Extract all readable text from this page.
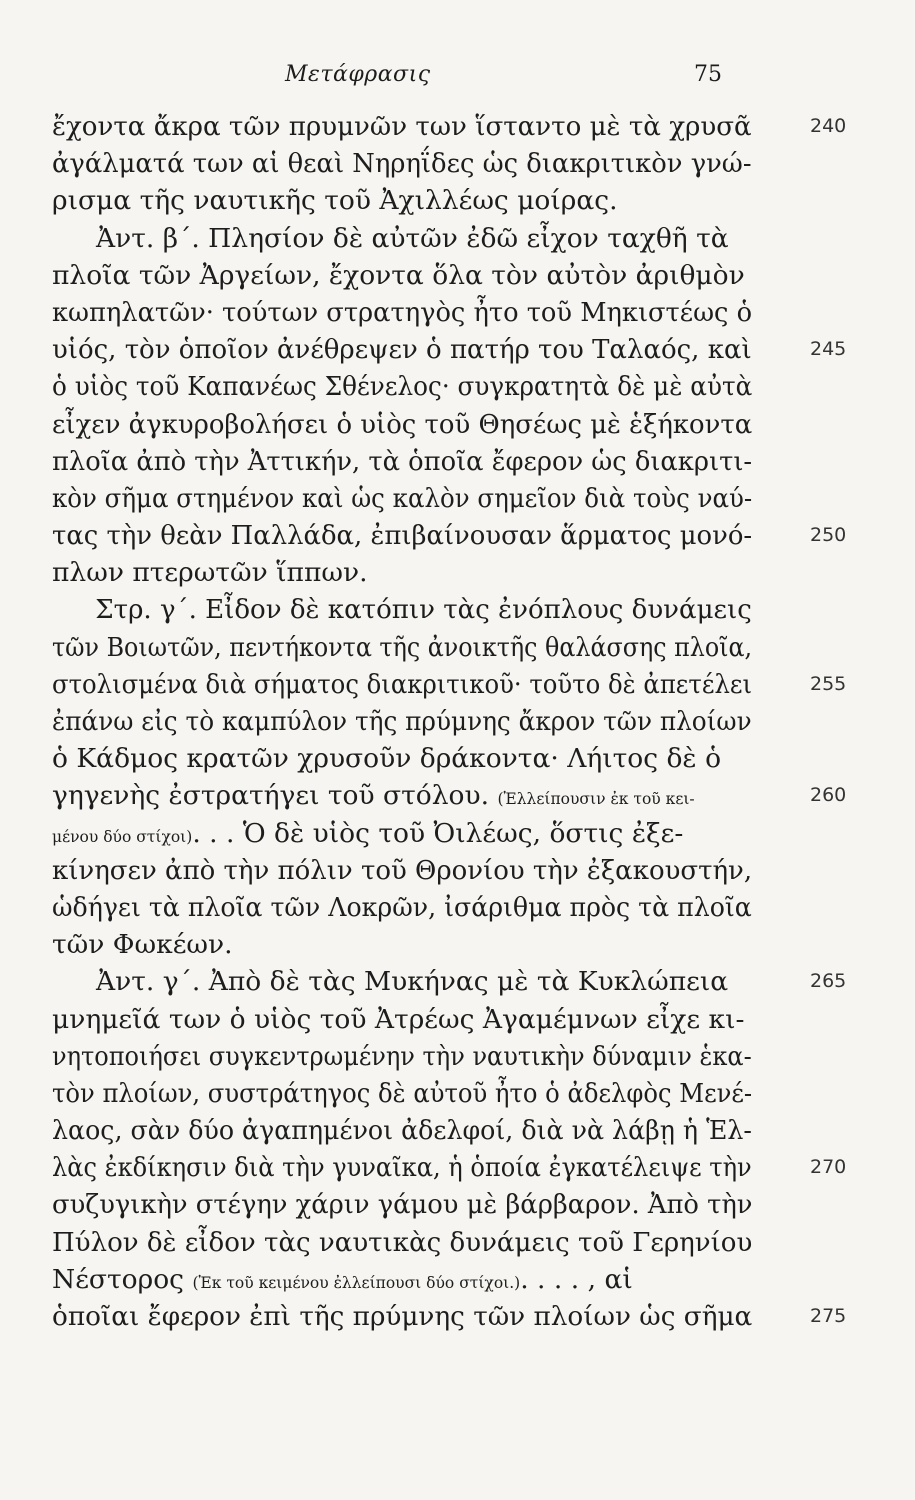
Μετάφρασις	75
ἔχοντα ἄκρα τῶν πρυμνῶν των ἵσταντο μὲ τὰ χρυσᾶ	240
ἀγάλματά των αἱ θεαὶ Νηρηΐδες ὡς διακριτικὸν γνώ-
ρισμα τῆς ναυτικῆς τοῦ Ἀχιλλέως μοίρας.
Ἀντ. β΄. Πλησίον δὲ αὐτῶν ἐδῶ εἶχον ταχθῆ τὰ
πλοῖα τῶν Ἀργείων, ἔχοντα ὅλα τὸν αὐτὸν ἀριθμὸν
κωπηλατῶν· τούτων στρατηγὸς ἦτο τοῦ Μηκιστέως ὁ
υἱός, τὸν ὁποῖον ἀνέθρεψεν ὁ πατήρ του Ταλαός, καὶ	245
ὁ υἱὸς τοῦ Καπανέως Σθένελος· συγκρατητὰ δὲ μὲ αὐτὰ
εἶχεν ἀγκυροβολήσει ὁ υἱὸς τοῦ Θησέως μὲ ἑξήκοντα
πλοῖα ἀπὸ τὴν Ἀττικήν, τὰ ὁποῖα ἔφερον ὡς διακριτι-
κὸν σῆμα στημένον καὶ ὡς καλὸν σημεῖον διὰ τοὺς ναύ-
τας τὴν θεὰν Παλλάδα, ἐπιβαίνουσαν ἅρματος μονό-	250
πλων πτερωτῶν ἵππων.
Στρ. γ΄. Εἶδον δὲ κατόπιν τὰς ἐνόπλους δυνάμεις
τῶν Βοιωτῶν, πεντήκοντα τῆς ἀνοικτῆς θαλάσσης πλοῖα,
στολισμένα διὰ σήματος διακριτικοῦ· τοῦτο δὲ ἀπετέλει	255
ἐπάνω εἰς τὸ καμπύλον τῆς πρύμνης ἄκρον τῶν πλοίων
ὁ Κάδμος κρατῶν χρυσοῦν δράκοντα· Λήιτος δὲ ὁ
γηγενὴς ἐστρατήγει τοῦ στόλου. (Ἐλλείπουσιν ἐκ τοῦ κει-	260
μένου δύο στίχοι). . . Ὁ δὲ υἱὸς τοῦ Ὀιλέως, ὅστις ἐξε-
κίνησεν ἀπὸ τὴν πόλιν τοῦ Θρονίου τὴν ἐξακουστήν,
ὡδήγει τὰ πλοῖα τῶν Λοκρῶν, ἰσάριθμα πρὸς τὰ πλοῖα
τῶν Φωκέων.
Ἀντ. γ΄. Ἀπὸ δὲ τὰς Μυκήνας μὲ τὰ Κυκλώπεια	265
μνημεῖά των ὁ υἱὸς τοῦ Ἀτρέως Ἀγαμέμνων εἶχε κι-
νητοποιήσει συγκεντρωμένην τὴν ναυτικὴν δύναμιν ἑκα-
τὸν πλοίων, συστράτηγος δὲ αὐτοῦ ἦτο ὁ ἀδελφὸς Μενέ-
λαος, σὰν δύο ἀγαπημένοι ἀδελφοί, διὰ νὰ λάβῃ ἡ Ἑλ-
λὰς ἐκδίκησιν διὰ τὴν γυναῖκα, ἡ ὁποία ἐγκατέλειψε τὴν	270
συζυγικὴν στέγην χάριν γάμου μὲ βάρβαρον. Ἀπὸ τὴν
Πύλον δὲ εἶδον τὰς ναυτικὰς δυνάμεις τοῦ Γερηνίου
Νέστορος (Ἐκ τοῦ κειμένου ἐλλείπουσι δύο στίχοι.). . . . , αἱ
ὁποῖαι ἔφερον ἐπὶ τῆς πρύμνης τῶν πλοίων ὡς σῆμα	275
